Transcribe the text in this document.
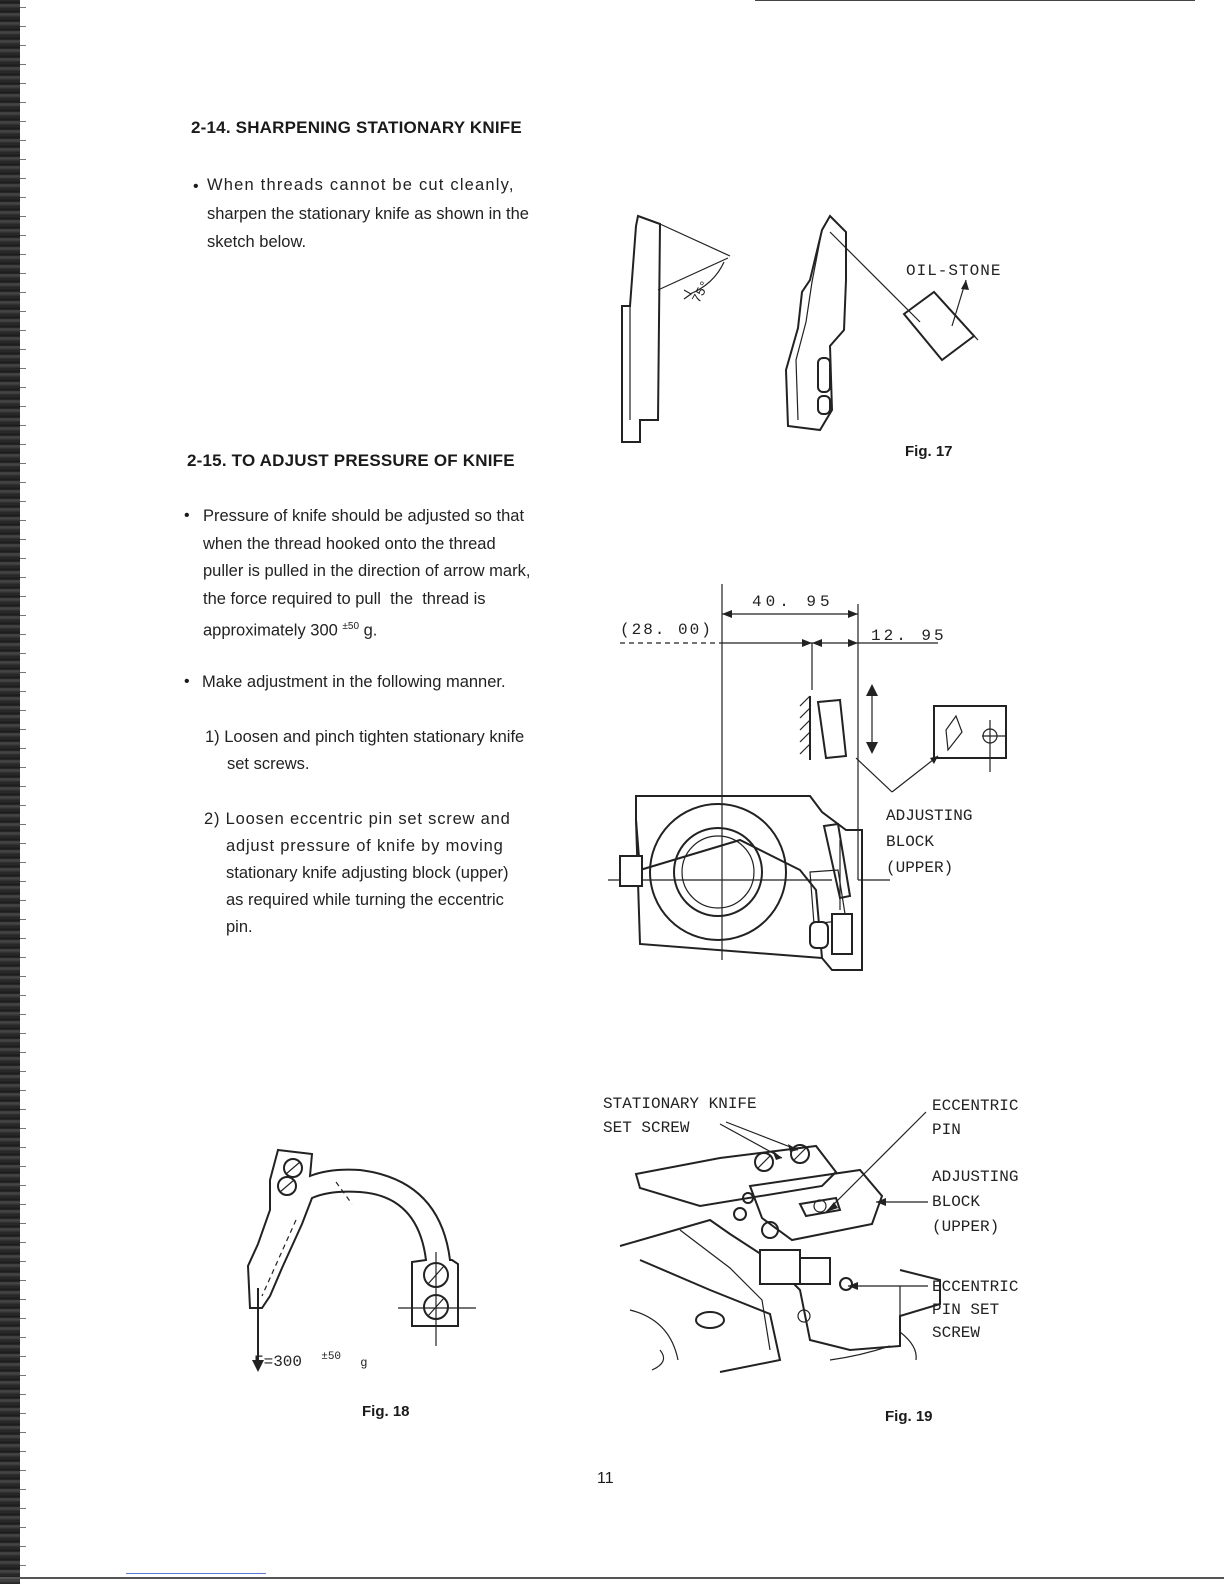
2-14. SHARPENING STATIONARY KNIFE
• When threads cannot be cut cleanly,

sharpen the stationary knife as shown in the

sketch below.

2-15. TO ADJUST PRESSURE OF KNIFE
• Pressure of knife should be adjusted so that

when the thread hooked onto the thread

puller is pulled in the direction of arrow mark,

the force required to pull  the  thread is

approximately 300 $^{\pm 50}$ g.

• Make adjustment in the following manner.

1) Loosen and pinch tighten stationary knife

set screws.

2) Loosen eccentric pin set screw and

adjust pressure of knife by moving

stationary knife adjusting block (upper)

as required while turning the eccentric

pin.

75°
OIL-STONE
Fig. 17
40. 95
(28. 00)	12. 95
ADJUSTING
BLOCK
(UPPER)
F=300 $^{\pm 50}$ g
Fig. 18
STATIONARY KNIFE
SET SCREW
ECCENTRIC
PIN
ADJUSTING
BLOCK
(UPPER)
ECCENTRIC
PIN SET
SCREW
Fig. 19
11
